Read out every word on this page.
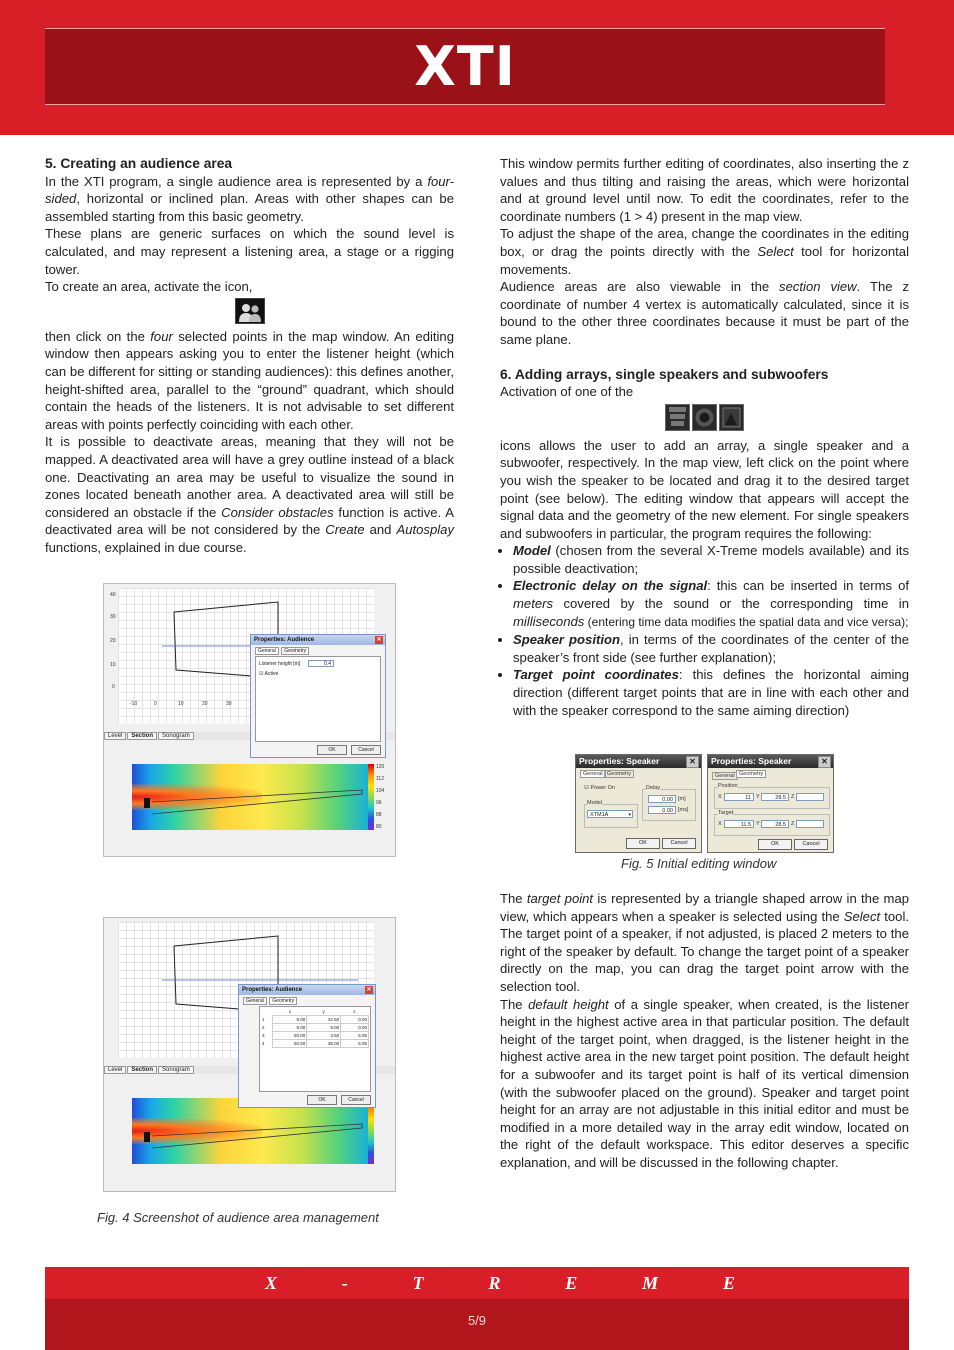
XTI
5. Creating an audience area

In the XTI program, a single audience area is represented by a four-sided, horizontal or inclined plan. Areas with other shapes can be assembled starting from this basic geometry.

These plans are generic surfaces on which the sound level is calculated, and may represent a listening area, a stage or a rigging tower.

To create an area, activate the icon,

then click on the four selected points in the map window. An editing window then appears asking you to enter the listener height (which can be different for sitting or standing audiences): this defines another, height-shifted area, parallel to the “ground” quadrant, which should contain the heads of the listeners. It is not advisable to set different areas with points perfectly coinciding with each other.

It is possible to deactivate areas, meaning that they will not be mapped. A deactivated area will have a grey outline instead of a black one. Deactivating an area may be useful to visualize the sound in zones located beneath another area. A deactivated area will still be considered an obstacle if the Consider obstacles function is active. A deactivated area will be not considered by the Create and Autosplay functions, explained in due course.

40
30
20
10
0
-10	0	10	20	30
Level Section Sonogram
120
112
104
96
88
80
Properties: Audience	✕
General Geometry
Listener height [m]	0.4
☑ Active
OK	Cancel
Level Section Sonogram
Properties: Audience	✕
General Geometry
	x	y	z
1	8.00	32.50	0.00
2	8.00	9.00	0.00
3	50.00	3.50	5.06
4	50.50	38.00	5.06
OK	Cancel
Fig. 4 Screenshot of audience area management

This window permits further editing of coordinates, also inserting the z values and thus tilting and raising the areas, which were horizontal and at ground level until now. To edit the coordinates, refer to the coordinate numbers (1 > 4) present in the map view.

To adjust the shape of the area, change the coordinates in the editing box, or drag the points directly with the Select tool for horizontal movements.

Audience areas are also viewable in the section view. The z coordinate of number 4 vertex is automatically calculated, since it is bound to the other three coordinates because it must be part of the same plane.

6. Adding arrays, single speakers and subwoofers

Activation of one of the

icons allows the user to add an array, a single speaker and a subwoofer, respectively. In the map view, left click on the point where you wish the speaker to be located and drag it to the desired target point (see below). The editing window that appears will accept the signal data and the geometry of the new element. For single speakers and subwoofers in particular, the program requires the following:

• Model (chosen from the several X-Treme models available) and its possible deactivation;
• Electronic delay on the signal: this can be inserted in terms of meters covered by the sound or the corresponding time in milliseconds (entering time data modifies the spatial data and vice versa);
• Speaker position, in terms of the coordinates of the center of the speaker’s front side (see further explanation);
• Target point coordinates: this defines the horizontal aiming direction (different target points that are in line with each other and with the speaker correspond to the same aiming direction)
Properties: Speaker	✕
General Geometry
☑ Power On	Delay
0.00 [m]
0.00 [ms]
Model
XTM1A	▾
OK	Cancel
Properties: Speaker	✕
General Geometry
Position
X	11 Y	28.5 Z
Target
X	11.5 Y	28.5 Z
OK	Cancel
Fig. 5 Initial editing window

The target point is represented by a triangle shaped arrow in the map view, which appears when a speaker is selected using the Select tool. The target point of a speaker, if not adjusted, is placed 2 meters to the right of the speaker by default. To change the target point of a speaker directly on the map, you can drag the target point arrow with the selection tool.

The default height of a single speaker, when created, is the listener height in the highest active area in that particular position. The default height of the target point, when dragged, is the listener height in the highest active area in the new target point position. The default height for a subwoofer and its target point is half of its vertical dimension (with the subwoofer placed on the ground). Speaker and target point height for an array are not adjustable in this initial editor and must be modified in a more detailed way in the array edit window, located on the right of the default workspace. This editor deserves a specific explanation, and will be discussed in the following chapter.

X	-	T	R	E	M	E
5/9
